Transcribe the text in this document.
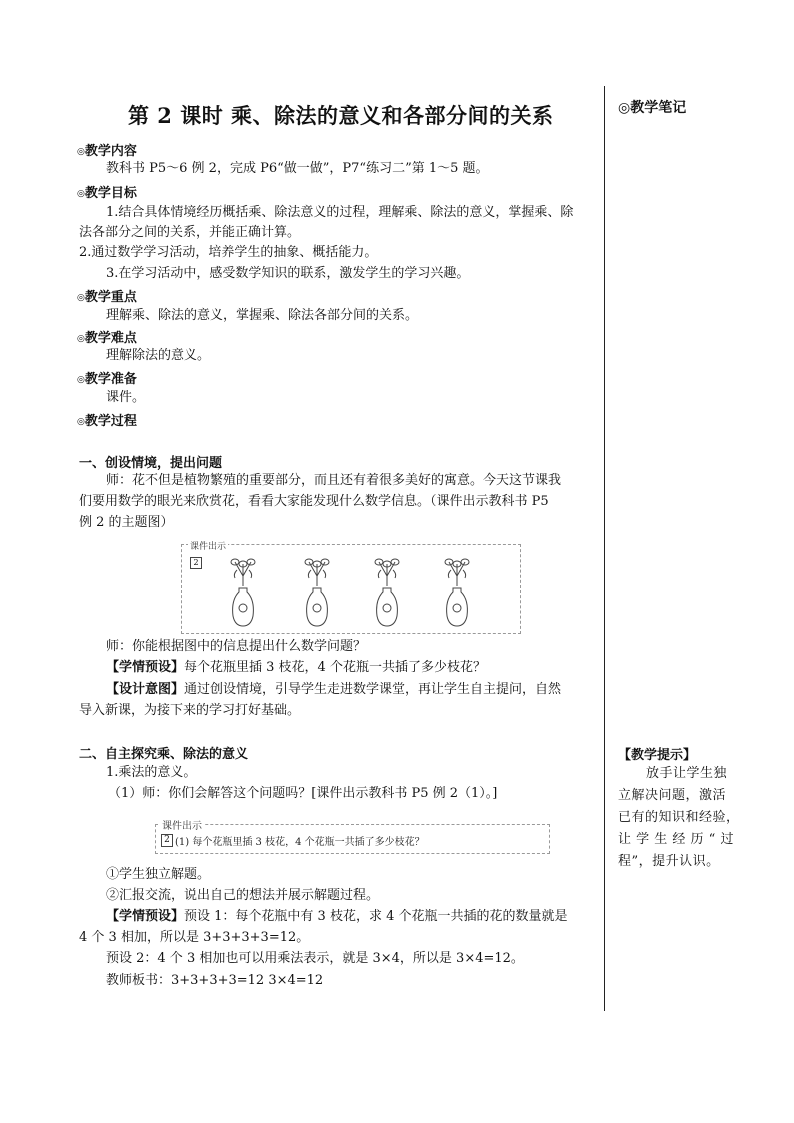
第 2 课时 乘、除法的意义和各部分间的关系	◎教学笔记
◎教学内容
教科书 P5～6 例 2，完成 P6“做一做”，P7“练习二”第 1～5 题。
◎教学目标
1.结合具体情境经历概括乘、除法意义的过程，理解乘、除法的意义，掌握乘、除
法各部分之间的关系，并能正确计算。
2.通过数学学习活动，培养学生的抽象、概括能力。
3.在学习活动中，感受数学知识的联系，激发学生的学习兴趣。
◎教学重点
理解乘、除法的意义，掌握乘、除法各部分间的关系。
◎教学难点
理解除法的意义。
◎教学准备
课件。
◎教学过程
一、创设情境，提出问题
师：花不但是植物繁殖的重要部分，而且还有着很多美好的寓意。今天这节课我
们要用数学的眼光来欣赏花，看看大家能发现什么数学信息。（课件出示教科书 P5
例 2 的主题图）
课件出示
2
师：你能根据图中的信息提出什么数学问题？
【学情预设】每个花瓶里插 3 枝花，4 个花瓶一共插了多少枝花？
【设计意图】通过创设情境，引导学生走进数学课堂，再让学生自主提问，自然
导入新课，为接下来的学习打好基础。
二、自主探究乘、除法的意义
1.乘法的意义。
（1）师：你们会解答这个问题吗？[课件出示教科书 P5 例 2（1）。]
课件出示
2 (1) 每个花瓶里插 3 枝花，4 个花瓶一共插了多少枝花？
①学生独立解题。
②汇报交流，说出自己的想法并展示解题过程。
【学情预设】预设 1：每个花瓶中有 3 枝花，求 4 个花瓶一共插的花的数量就是
4 个 3 相加，所以是 3+3+3+3=12。
预设 2：4 个 3 相加也可以用乘法表示，就是 3×4，所以是 3×4=12。
教师板书：3+3+3+3=12 3×4=12
【教学提示】
放手让学生独
立解决问题，激活
已有的知识和经验，
让 学 生 经 历 “ 过
程”，提升认识。
